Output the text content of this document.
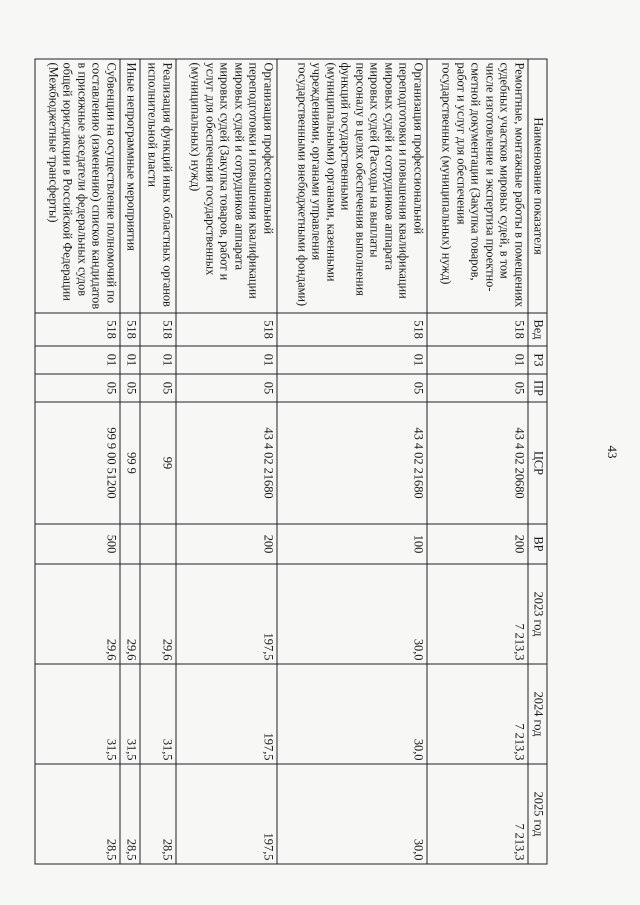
43
Наименование показателя	Вед	РЗ	ПР	ЦСР	ВР	2023 год	2024 год	2025 год
Ремонтные, монтажные работы в помещениях судебных участков мировых судей, в том числе изготовление и экспертиза проектно-сметной документации (Закупка товаров, работ и услуг для обеспечения государственных (муниципальных) нужд)	518	01	05	43 4 02 20680	200	7 213,3	7 213,3	7 213,3
Организация профессиональной переподготовки и повышения квалификации мировых судей и сотрудников аппарата мировых судей (Расходы на выплаты персоналу в целях обеспечения выполнения функций государственными (муниципальными) органами, казенными учреждениями, органами управления государственными внебюджетными фондами)	518	01	05	43 4 02 21680	100	30,0	30,0	30,0
Организация профессиональной переподготовки и повышения квалификации мировых судей и сотрудников аппарата мировых судей (Закупка товаров, работ и услуг для обеспечения государственных (муниципальных) нужд)	518	01	05	43 4 02 21680	200	197,5	197,5	197,5
Реализация функций иных областных органов исполнительной власти	518	01	05	99		29,6	31,5	28,5
Иные непрограммные мероприятия	518	01	05	99 9		29,6	31,5	28,5
Субвенции на осуществление полномочий по составлению (изменению) списков кандидатов в присяжные заседатели федеральных судов общей юрисдикции в Российской Федерации (Межбюджетные трансферты)	518	01	05	99 9 00 51200	500	29,6	31,5	28,5
